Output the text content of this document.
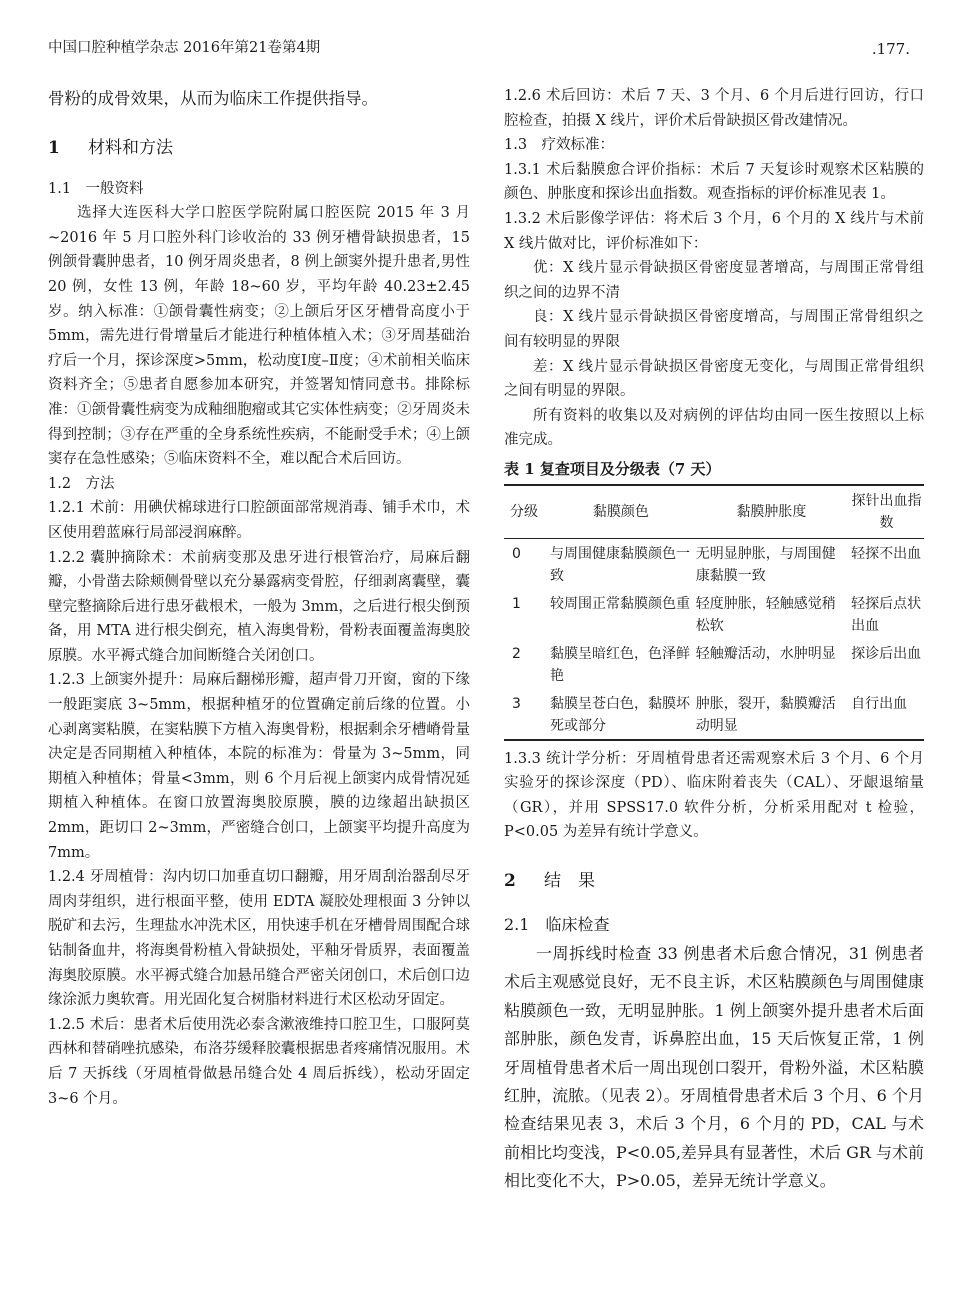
中国口腔种植学杂志 2016年第21卷第4期	.177.

骨粉的成骨效果，从而为临床工作提供指导。

1 材料和方法

1.1　一般资料

选择大连医科大学口腔医学院附属口腔医院 2015 年 3 月~2016 年 5 月口腔外科门诊收治的 33 例牙槽骨缺损患者，15 例颌骨囊肿患者，10 例牙周炎患者，8 例上颌窦外提升患者,男性 20 例，女性 13 例，年龄 18~60 岁，平均年龄 40.23±2.45 岁。纳入标准：①颌骨囊性病变；②上颌后牙区牙槽骨高度小于 5mm，需先进行骨增量后才能进行种植体植入术；③牙周基础治疗后一个月，探诊深度>5mm，松动度Ⅰ度–Ⅱ度；④术前相关临床资料齐全；⑤患者自愿参加本研究，并签署知情同意书。排除标准：①颌骨囊性病变为成釉细胞瘤或其它实体性病变；②牙周炎未得到控制；③存在严重的全身系统性疾病，不能耐受手术；④上颌窦存在急性感染；⑤临床资料不全，难以配合术后回访。

1.2　方法

1.2.1 术前：用碘伏棉球进行口腔颌面部常规消毒、铺手术巾，术区使用碧蓝麻行局部浸润麻醉。

1.2.2 囊肿摘除术：术前病变那及患牙进行根管治疗，局麻后翻瓣，小骨凿去除颊侧骨壁以充分暴露病变骨腔，仔细剥离囊壁，囊壁完整摘除后进行患牙截根术，一般为 3mm，之后进行根尖倒预备，用 MTA 进行根尖倒充，植入海奥骨粉，骨粉表面覆盖海奥胶原膜。水平褥式缝合加间断缝合关闭创口。

1.2.3 上颌窦外提升：局麻后翻梯形瓣，超声骨刀开窗，窗的下缘一般距窦底 3~5mm，根据种植牙的位置确定前后缘的位置。小心剥离窦粘膜，在窦粘膜下方植入海奥骨粉，根据剩余牙槽嵴骨量决定是否同期植入种植体，本院的标准为：骨量为 3~5mm，同期植入种植体；骨量<3mm，则 6 个月后视上颌窦内成骨情况延期植入种植体。在窗口放置海奥胶原膜，膜的边缘超出缺损区 2mm，距切口 2~3mm，严密缝合创口，上颌窦平均提升高度为 7mm。

1.2.4 牙周植骨：沟内切口加垂直切口翻瓣，用牙周刮治器刮尽牙周肉芽组织，进行根面平整，使用 EDTA 凝胶处理根面 3 分钟以脱矿和去污，生理盐水冲洗术区，用快速手机在牙槽骨周围配合球钻制备血井，将海奥骨粉植入骨缺损处，平釉牙骨质界，表面覆盖海奥胶原膜。水平褥式缝合加悬吊缝合严密关闭创口，术后创口边缘涂派力奥软膏。用光固化复合树脂材料进行术区松动牙固定。

1.2.5 术后：患者术后使用洗必泰含漱液维持口腔卫生，口服阿莫西林和替硝唑抗感染，布洛芬缓释胶囊根据患者疼痛情况服用。术后 7 天拆线（牙周植骨做悬吊缝合处 4 周后拆线），松动牙固定 3~6 个月。

1.2.6 术后回访：术后 7 天、3 个月、6 个月后进行回访，行口腔检查，拍摄 X 线片，评价术后骨缺损区骨改建情况。

1.3　疗效标准：

1.3.1 术后黏膜愈合评价指标：术后 7 天复诊时观察术区粘膜的颜色、肿胀度和探诊出血指数。观查指标的评价标准见表 1。

1.3.2 术后影像学评估：将术后 3 个月，6 个月的 X 线片与术前 X 线片做对比，评价标准如下：

优：X 线片显示骨缺损区骨密度显著增高，与周围正常骨组织之间的边界不清

良：X 线片显示骨缺损区骨密度增高，与周围正常骨组织之间有较明显的界限

差：X 线片显示骨缺损区骨密度无变化，与周围正常骨组织之间有明显的界限。

所有资料的收集以及对病例的评估均由同一医生按照以上标准完成。

表 1 复查项目及分级表（7 天）

分级	黏膜颜色	黏膜肿胀度	探针出血指数
0	与周围健康黏膜颜色一致	无明显肿胀，与周围健康黏膜一致	轻探不出血
1	较周围正常黏膜颜色重	轻度肿胀，轻触感觉稍松软	轻探后点状出血
2	黏膜呈暗红色，色泽鲜艳	轻触瓣活动，水肿明显	探诊后出血
3	黏膜呈苍白色，黏膜坏死或部分	肿胀，裂开，黏膜瓣活动明显	自行出血

1.3.3 统计学分析：牙周植骨患者还需观察术后 3 个月、6 个月实验牙的探诊深度（PD）、临床附着丧失（CAL）、牙龈退缩量（GR），并用 SPSS17.0 软件分析，分析采用配对 t 检验，P<0.05 为差异有统计学意义。

2 结　果

2.1　临床检查

一周拆线时检查 33 例患者术后愈合情况，31 例患者术后主观感觉良好，无不良主诉，术区粘膜颜色与周围健康粘膜颜色一致，无明显肿胀。1 例上颌窦外提升患者术后面部肿胀，颜色发青，诉鼻腔出血，15 天后恢复正常，1 例牙周植骨患者术后一周出现创口裂开，骨粉外溢，术区粘膜红肿，流脓。（见表 2）。牙周植骨患者术后 3 个月、6 个月检查结果见表 3，术后 3 个月，6 个月的 PD，CAL 与术前相比均变浅，P<0.05,差异具有显著性，术后 GR 与术前相比变化不大，P>0.05，差异无统计学意义。
